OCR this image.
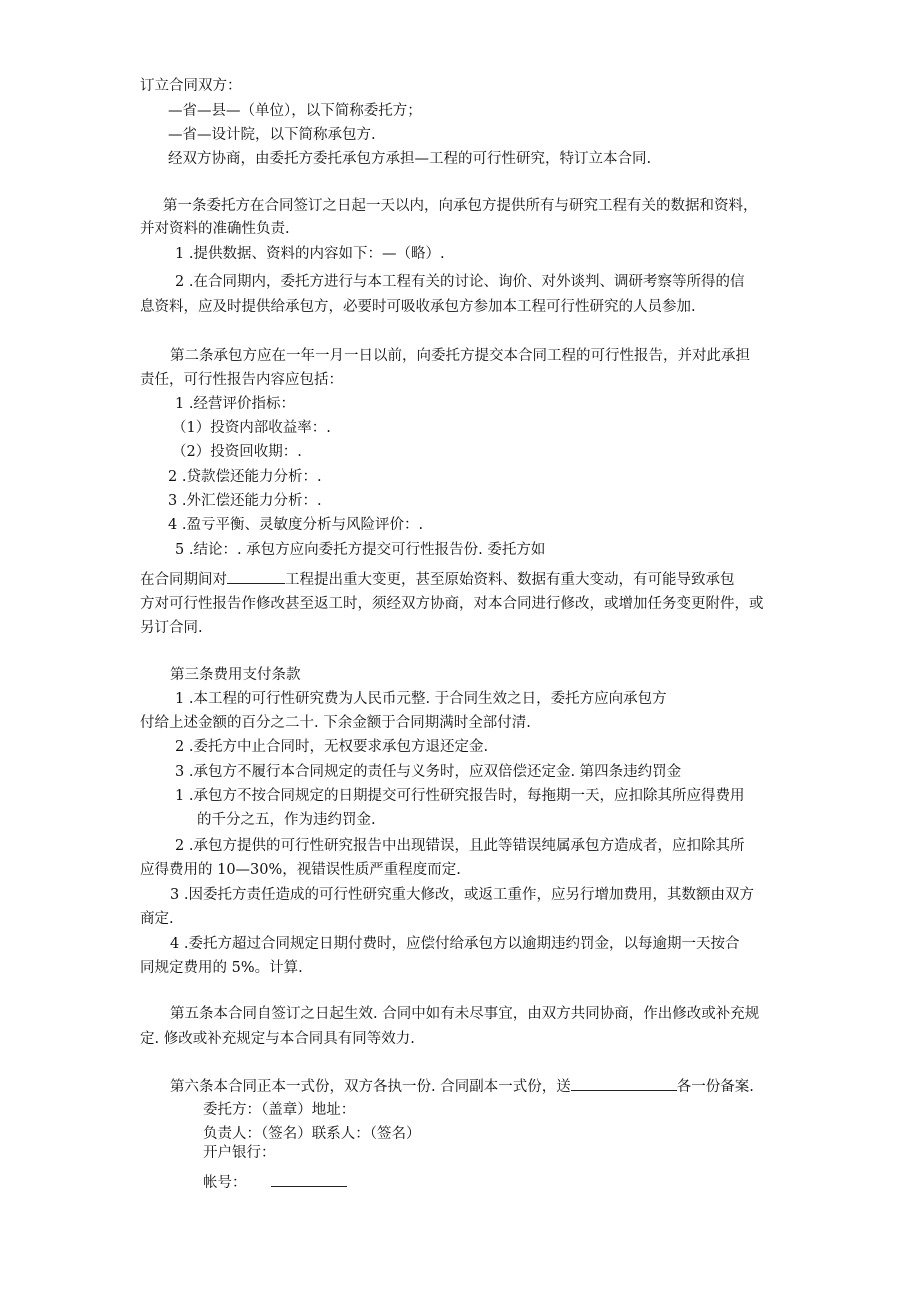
订立合同双方：
—省—县—（单位），以下简称委托方；
—省—设计院，以下简称承包方.
经双方协商，由委托方委托承包方承担—工程的可行性研究，特订立本合同.
第一条委托方在合同签订之日起一天以内，向承包方提供所有与研究工程有关的数据和资料，
并对资料的准确性负责.
1 .提供数据、资料的内容如下：—（略）.
2 .在合同期内，委托方进行与本工程有关的讨论、询价、对外谈判、调研考察等所得的信
息资料，应及时提供给承包方，必要时可吸收承包方参加本工程可行性研究的人员参加.
第二条承包方应在一年一月一日以前，向委托方提交本合同工程的可行性报告，并对此承担
责任，可行性报告内容应包括：
1 .经营评价指标：
（1）投资内部收益率：.
（2）投资回收期：.
2 .贷款偿还能力分析：.
3 .外汇偿还能力分析：.
4 .盈亏平衡、灵敏度分析与风险评价：.
5 .结论：. 承包方应向委托方提交可行性报告份. 委托方如
在合同期间对	工程提出重大变更，甚至原始资料、数据有重大变动，有可能导致承包
方对可行性报告作修改甚至返工时，须经双方协商，对本合同进行修改，或增加任务变更附件，或
另订合同.
第三条费用支付条款
1 .本工程的可行性研究费为人民币元整. 于合同生效之日，委托方应向承包方
付给上述金额的百分之二十. 下余金额于合同期满时全部付清.
2 .委托方中止合同时，无权要求承包方退还定金.
3 .承包方不履行本合同规定的责任与义务时，应双倍偿还定金. 第四条违约罚金
1 .承包方不按合同规定的日期提交可行性研究报告时，每拖期一天，应扣除其所应得费用
的千分之五，作为违约罚金.
2 .承包方提供的可行性研究报告中出现错误，且此等错误纯属承包方造成者，应扣除其所
应得费用的 10—30%，视错误性质严重程度而定.
3 .因委托方责任造成的可行性研究重大修改，或返工重作，应另行增加费用，其数额由双方
商定.
4 .委托方超过合同规定日期付费时，应偿付给承包方以逾期违约罚金，以每逾期一天按合
同规定费用的 5%。计算.
第五条本合同自签订之日起生效. 合同中如有未尽事宜，由双方共同协商，作出修改或补充规
定. 修改或补充规定与本合同具有同等效力.
第六条本合同正本一式份，双方各执一份. 合同副本一式份，送	各一份备案.
委托方：（盖章）地址：
负责人：（签名）联系人：（签名）
开户银行：
帐号：
